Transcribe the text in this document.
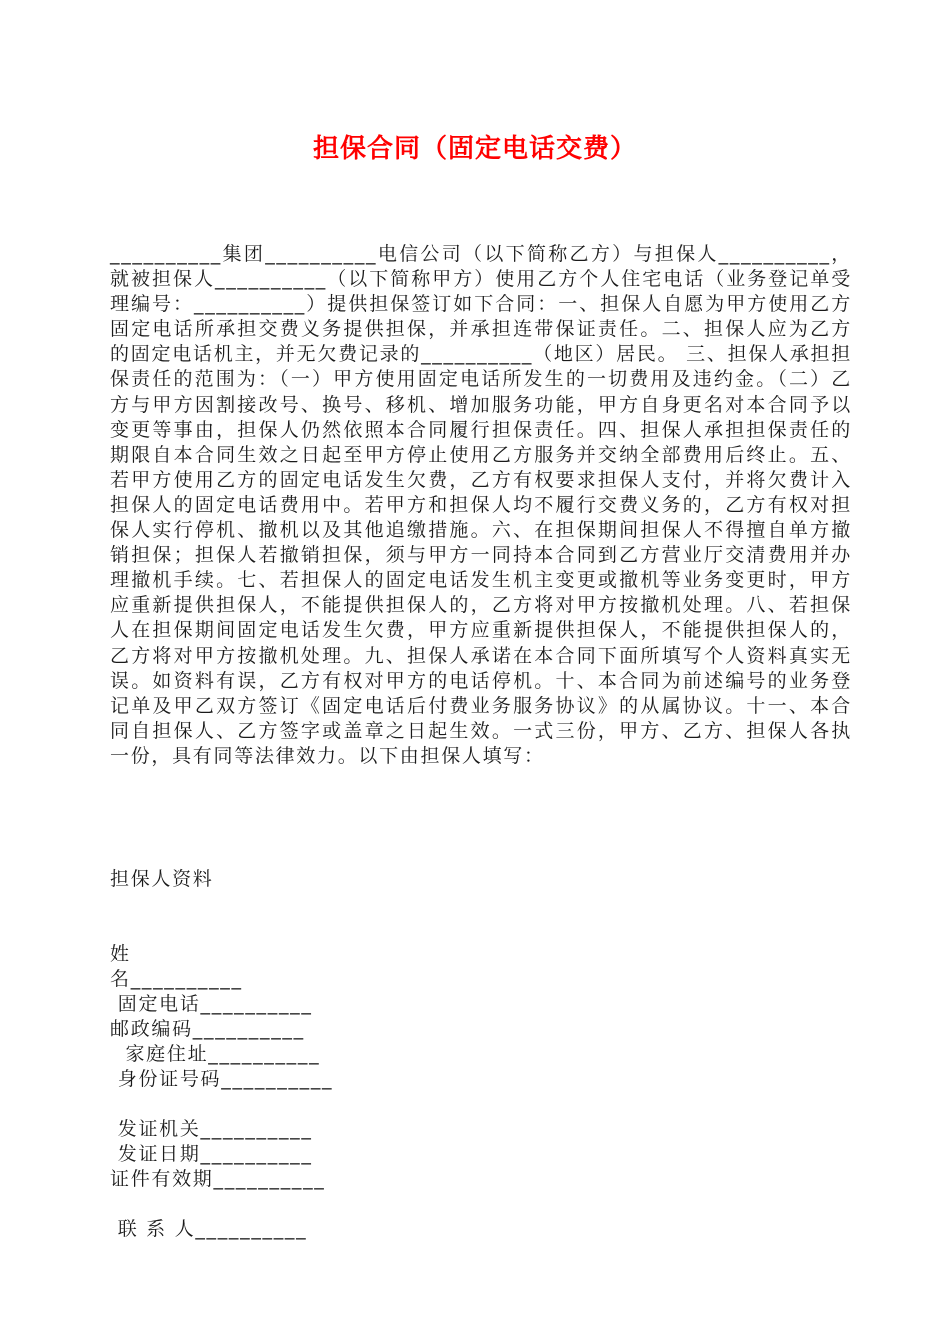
担保合同（固定电话交费）

__________集团__________电信公司（以下简称乙方）与担保人__________，就被担保人__________（以下简称甲方）使用乙方个人住宅电话（业务登记单受理编号：__________）提供担保签订如下合同：一、担保人自愿为甲方使用乙方固定电话所承担交费义务提供担保，并承担连带保证责任。二、担保人应为乙方的固定电话机主，并无欠费记录的__________（地区）居民。 三、担保人承担担保责任的范围为：（一）甲方使用固定电话所发生的一切费用及违约金。（二）乙方与甲方因割接改号、换号、移机、增加服务功能，甲方自身更名对本合同予以变更等事由，担保人仍然依照本合同履行担保责任。四、担保人承担担保责任的期限自本合同生效之日起至甲方停止使用乙方服务并交纳全部费用后终止。五、若甲方使用乙方的固定电话发生欠费，乙方有权要求担保人支付，并将欠费计入担保人的固定电话费用中。若甲方和担保人均不履行交费义务的，乙方有权对担保人实行停机、撤机以及其他追缴措施。六、在担保期间担保人不得擅自单方撤销担保；担保人若撤销担保，须与甲方一同持本合同到乙方营业厅交清费用并办理撤机手续。七、若担保人的固定电话发生机主变更或撤机等业务变更时，甲方应重新提供担保人，不能提供担保人的，乙方将对甲方按撤机处理。八、若担保人在担保期间固定电话发生欠费，甲方应重新提供担保人，不能提供担保人的，乙方将对甲方按撤机处理。九、担保人承诺在本合同下面所填写个人资料真实无误。如资料有误，乙方有权对甲方的电话停机。十、本合同为前述编号的业务登记单及甲乙双方签订《固定电话后付费业务服务协议》的从属协议。十一、本合同自担保人、乙方签字或盖章之日起生效。一式三份，甲方、乙方、担保人各执一份，具有同等法律效力。以下由担保人填写：

担保人资料

姓

名__________

固定电话__________

邮政编码__________

家庭住址__________

身份证号码__________

发证机关__________

发证日期__________

证件有效期__________

联 系 人__________
